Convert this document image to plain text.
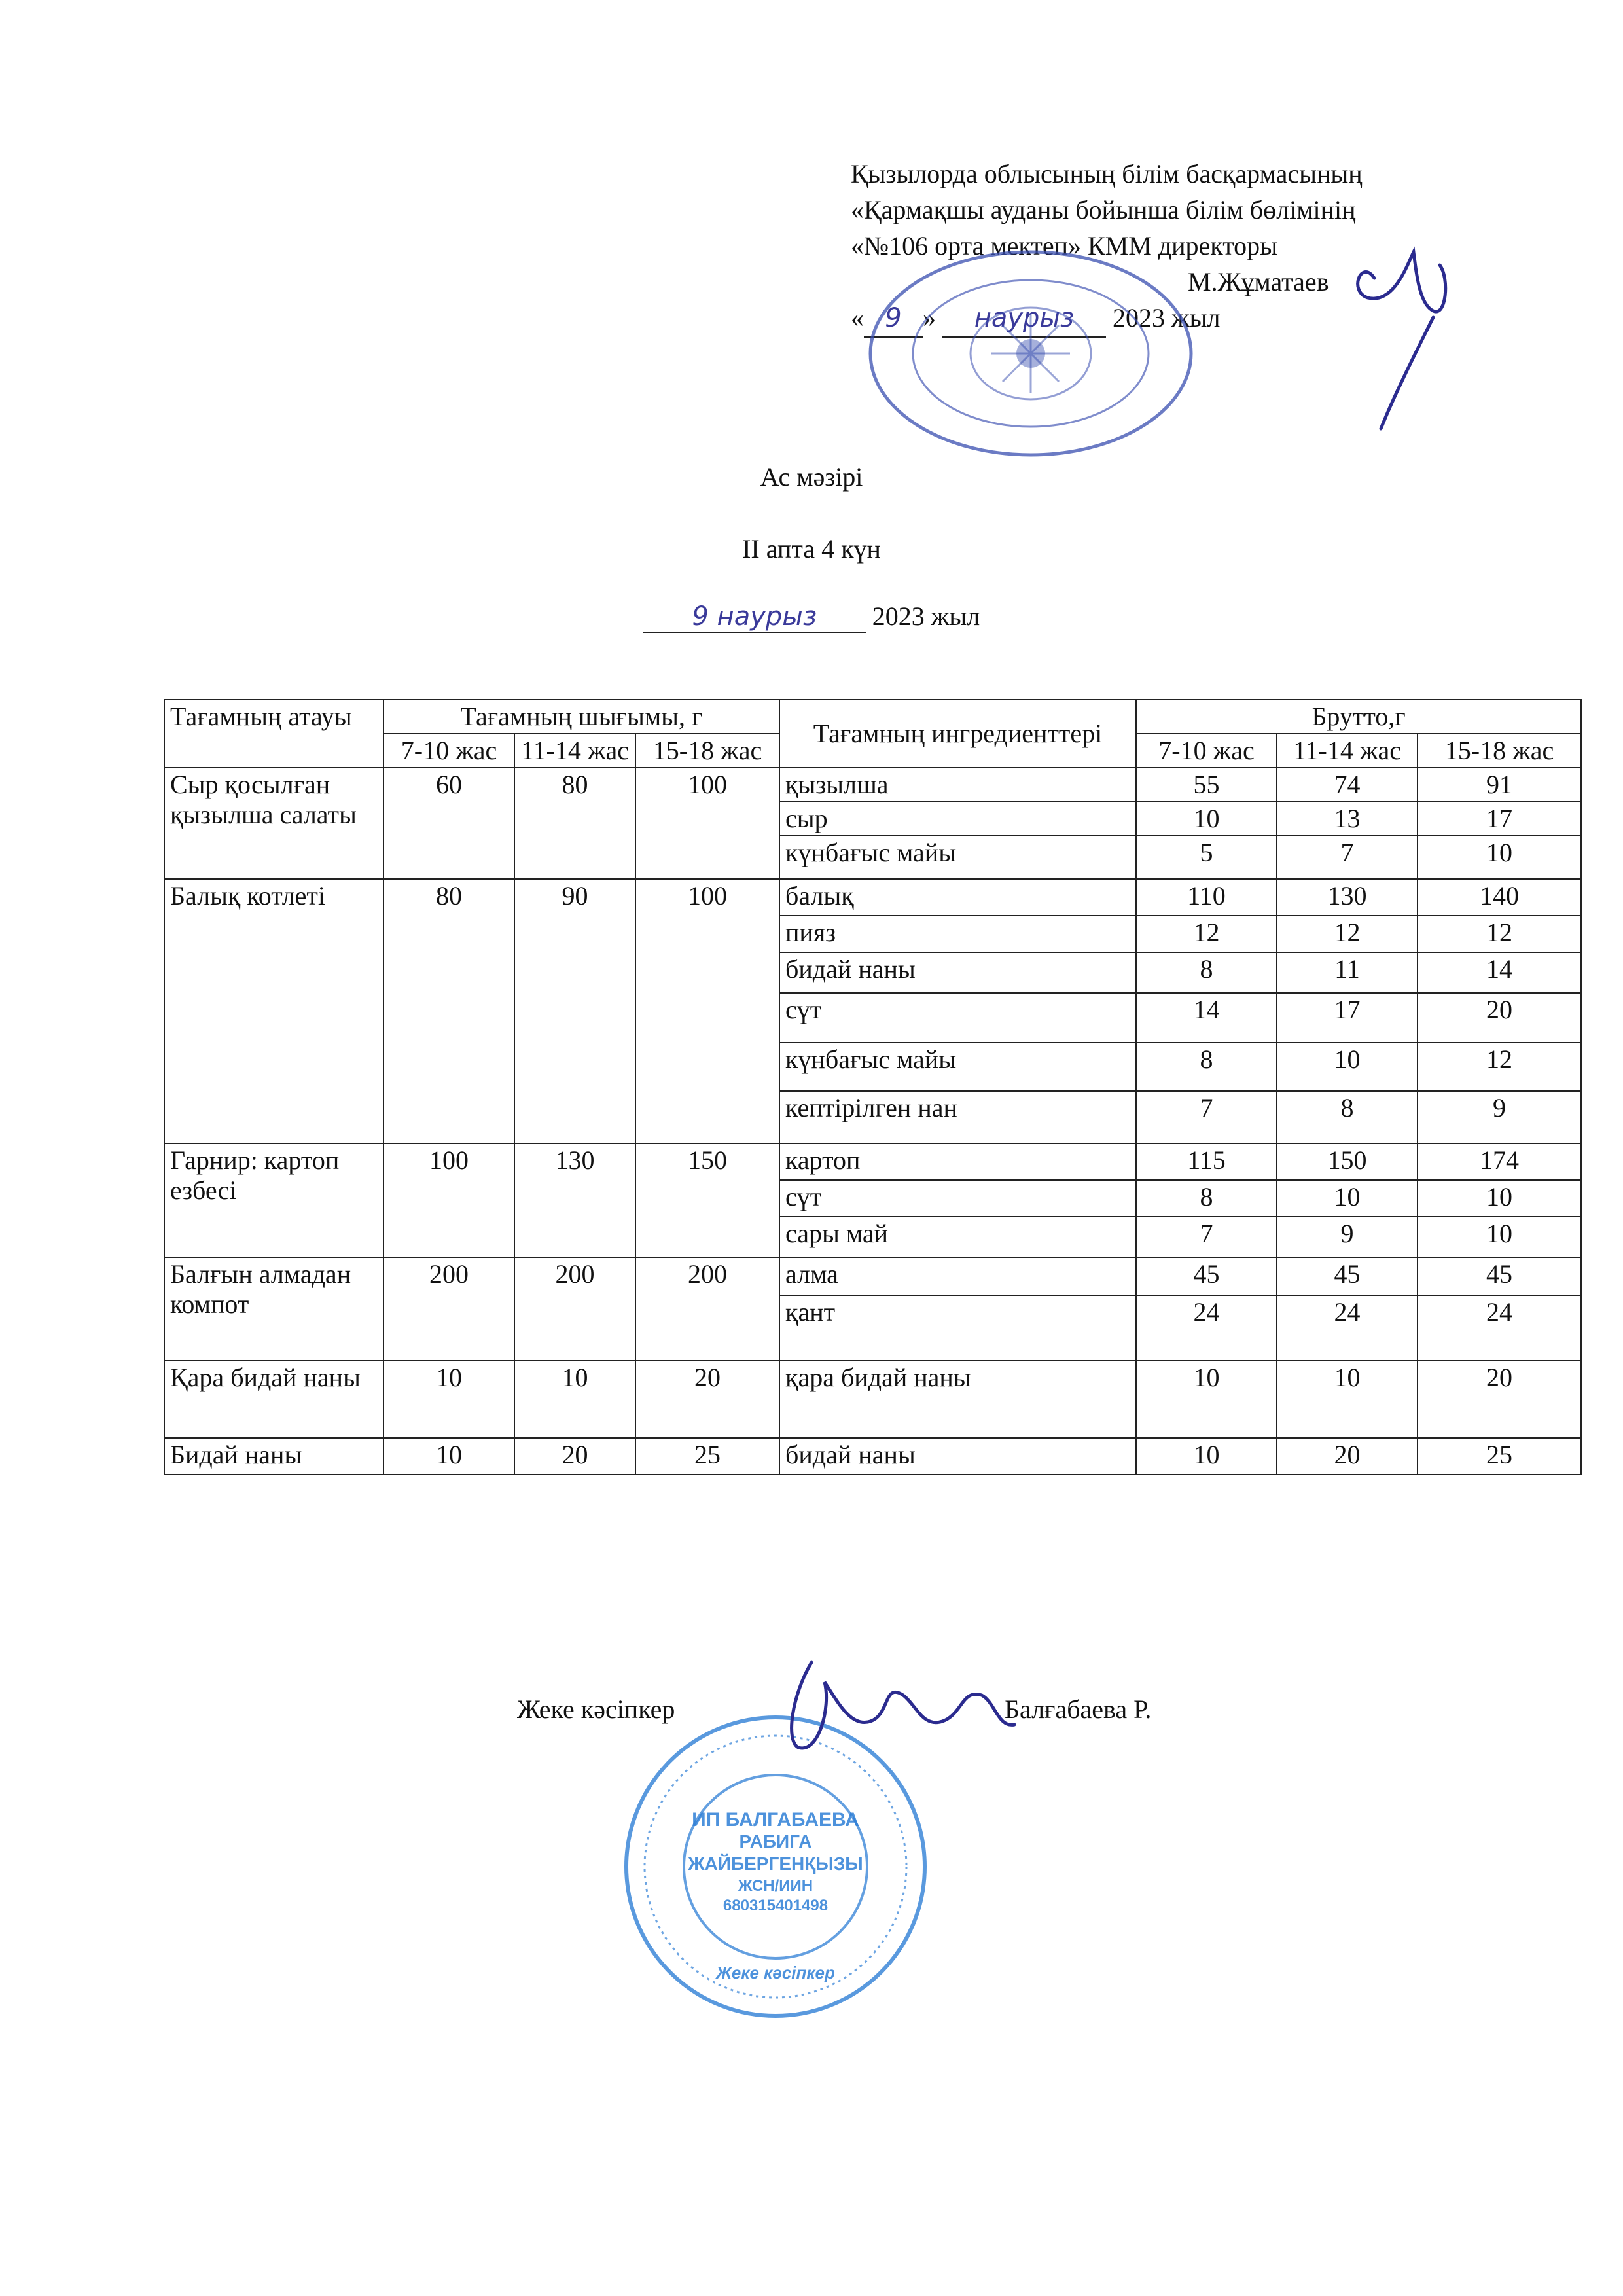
Қызылорда облысының білім басқармасының
«Қармақшы ауданы бойынша білім бөлімінің
«№106 орта мектеп» КММ директоры
М.Жұматаев
« 9 » наурыз 2023 жыл
Ас мәзірі
II апта 4 күн
9 наурыз 2023 жыл
Тағамның атауы	Тағамның шығымы, г			Тағамның ингредиенттері	Брутто,г		
	7-10 жас	11-14 жас	15-18 жас		7-10 жас	11-14 жас	15-18 жас
Сыр қосылған қызылша салаты	60	80	100	қызылша	55	74	91
				сыр	10	13	17
				күнбағыс майы	5	7	10
Балық котлеті	80	90	100	балық	110	130	140
				пияз	12	12	12
				бидай наны	8	11	14
				сүт	14	17	20
				күнбағыс майы	8	10	12
				кептірілген нан	7	8	9
Гарнир: картоп езбесі	100	130	150	картоп	115	150	174
				сүт	8	10	10
				сары май	7	9	10
Балғын алмадан компот	200	200	200	алма	45	45	45
				қант	24	24	24
Қара бидай наны	10	10	20	қара бидай наны	10	10	20
Бидай наны	10	20	25	бидай наны	10	20	25
Жеке кәсіпкер	Балғабаева Р.
ИП БАЛГАБАЕВА
РАБИГА
ЖАЙБЕРГЕНҚЫЗЫ
ЖСН/ИИН
680315401498
Жеке кәсіпкер
